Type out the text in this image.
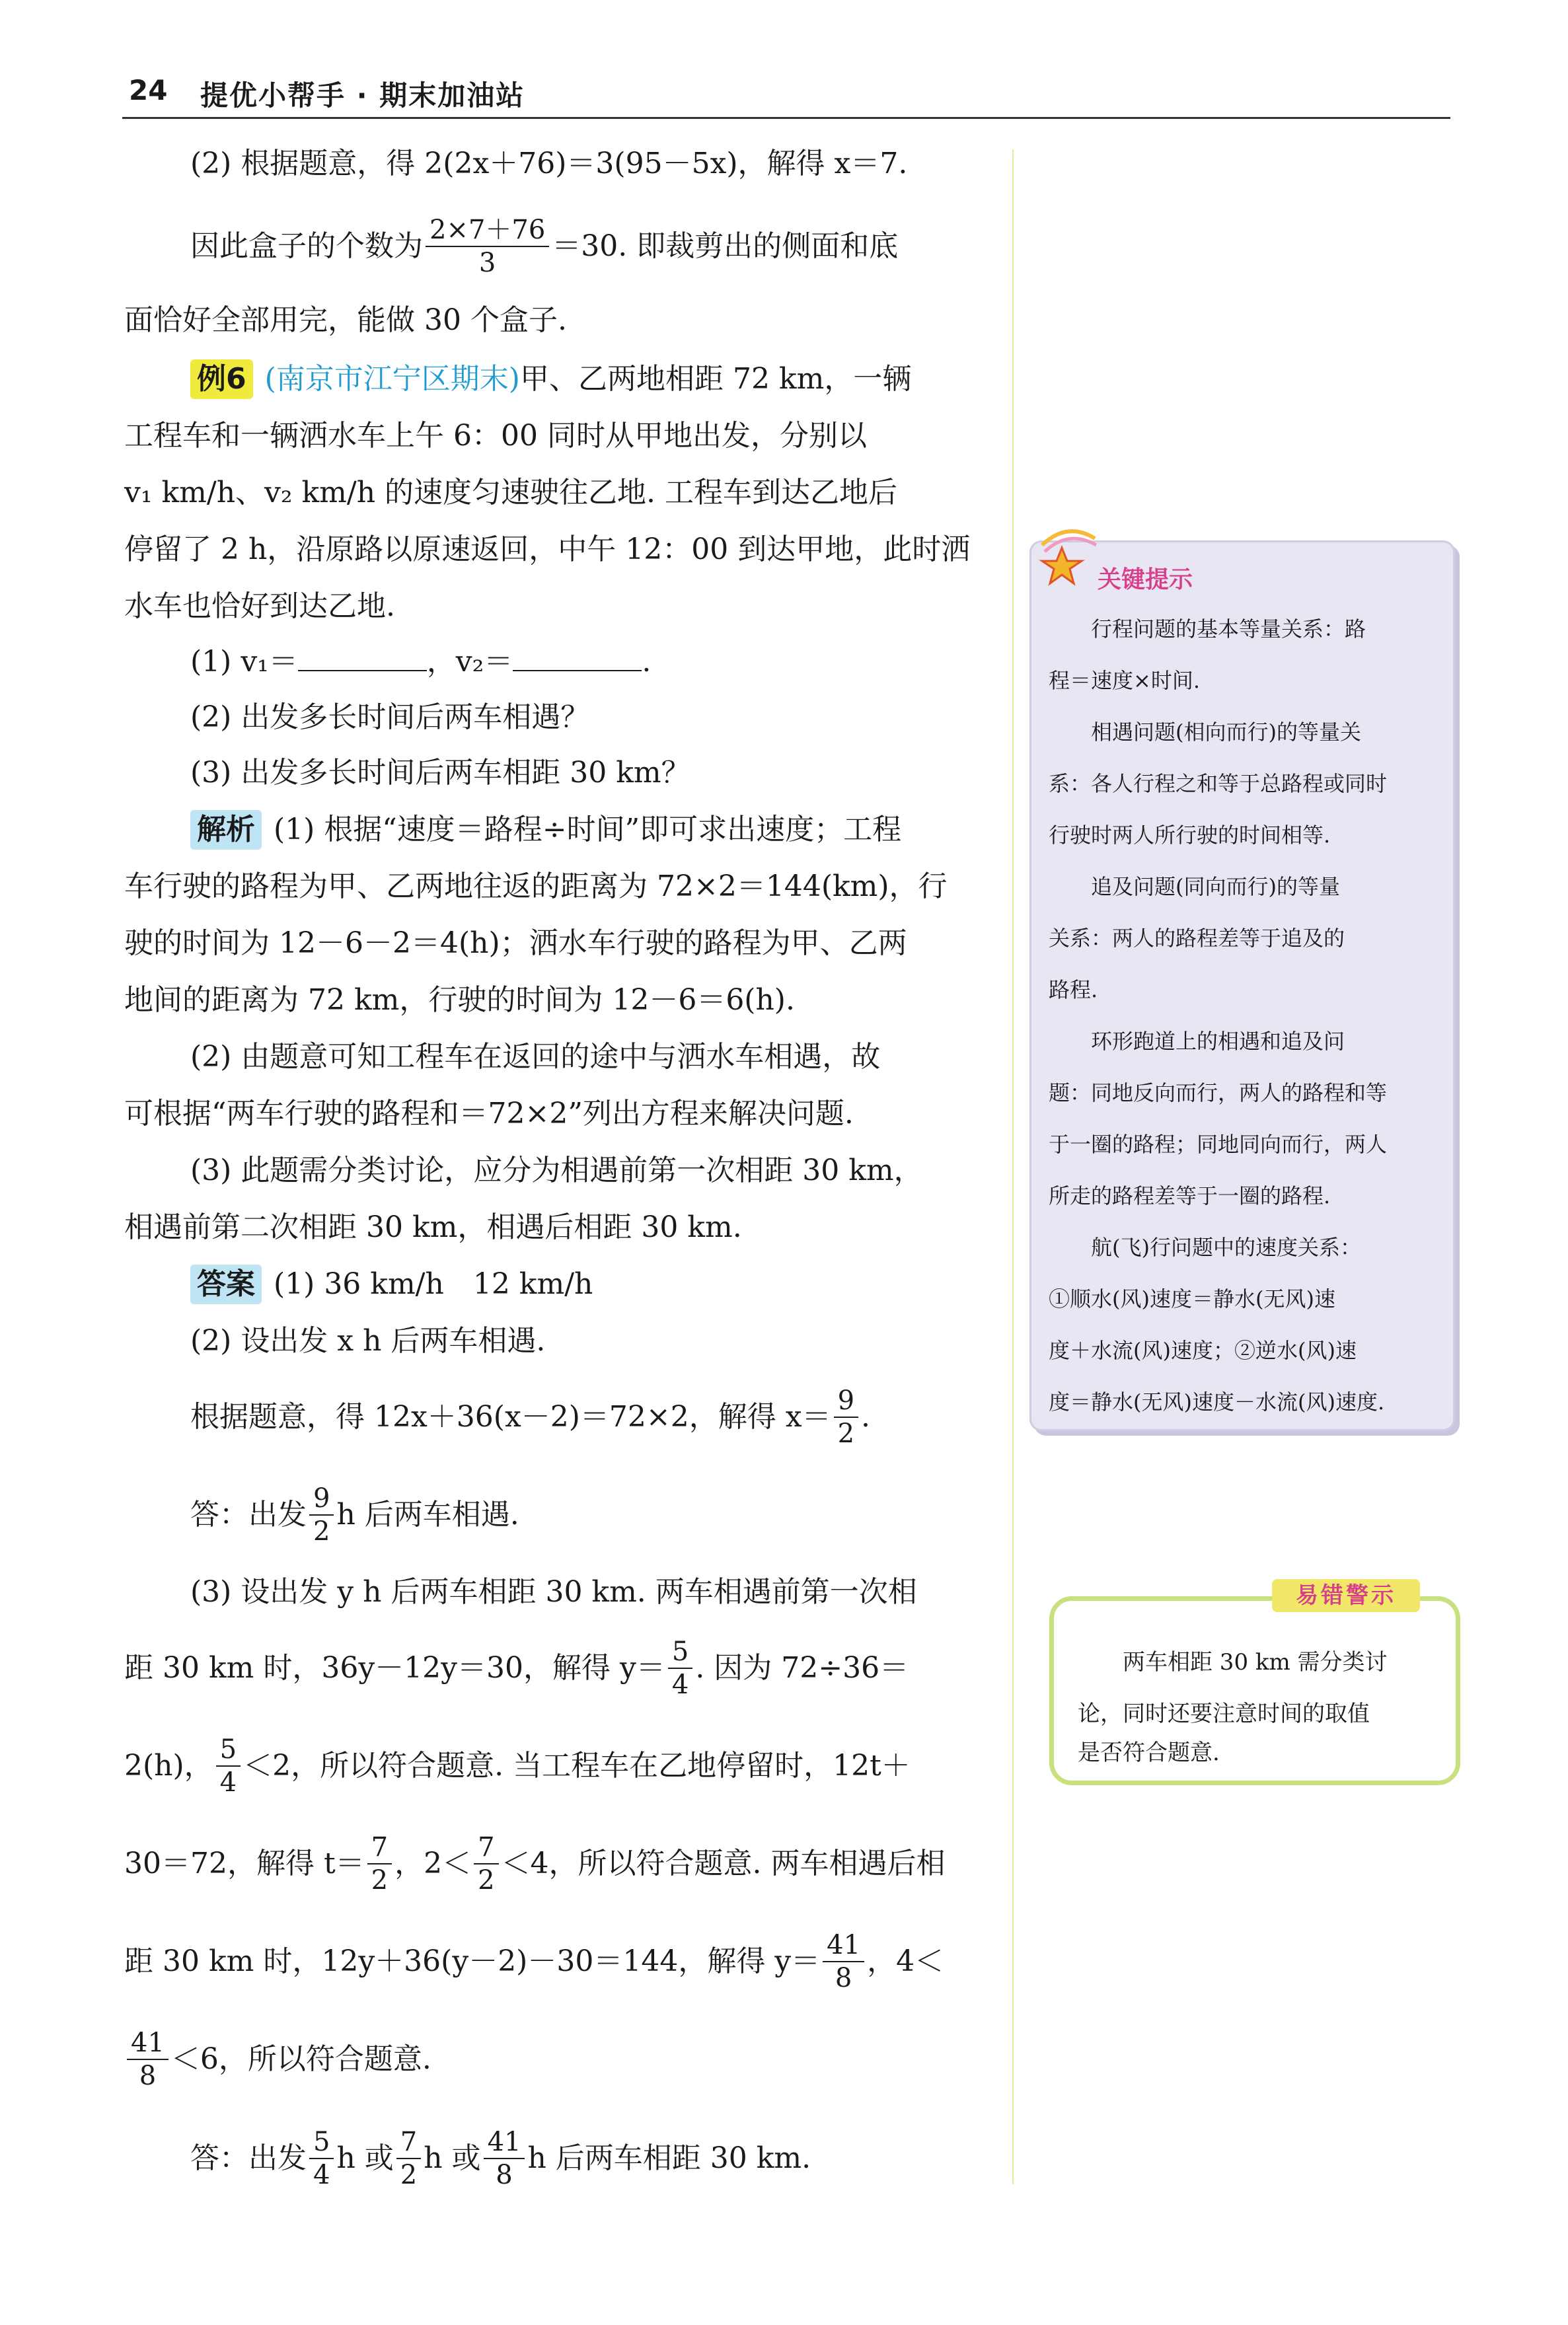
24 提优小帮手 · 期末加油站
(2) 根据题意，得 2(2x＋76)＝3(95－5x)，解得 x＝7.
因此盒子的个数为 $\frac{2\times 7+76}{3} =30$. 即裁剪出的侧面和底
面恰好全部用完，能做 30 个盒子.
例6 (南京市江宁区期末)甲、乙两地相距 72 km，一辆
工程车和一辆洒水车上午 6：00 同时从甲地出发，分别以
v₁ km/h、v₂ km/h 的速度匀速驶往乙地. 工程车到达乙地后
停留了 2 h，沿原路以原速返回，中午 12：00 到达甲地，此时洒
水车也恰好到达乙地.
(1) v₁＝	，v₂＝	.
(2) 出发多长时间后两车相遇？
(3) 出发多长时间后两车相距 30 km？
解析 (1) 根据“速度＝路程÷时间”即可求出速度；工程
车行驶的路程为甲、乙两地往返的距离为 72×2＝144(km)，行
驶的时间为 12－6－2＝4(h)；洒水车行驶的路程为甲、乙两
地间的距离为 72 km，行驶的时间为 12－6＝6(h).
(2) 由题意可知工程车在返回的途中与洒水车相遇，故
可根据“两车行驶的路程和＝72×2”列出方程来解决问题.
(3) 此题需分类讨论，应分为相遇前第一次相距 30 km，
相遇前第二次相距 30 km，相遇后相距 30 km.
答案 (1) 36 km/h　12 km/h
(2) 设出发 x h 后两车相遇.
根据题意，得 12x＋36(x－2)＝72×2，解得 $x= \frac{9}{2}$ .
答：出发 $\frac{9}{2}$ h 后两车相遇.
(3) 设出发 y h 后两车相距 30 km. 两车相遇前第一次相
距 30 km 时，36y－12y＝30，解得 $y= \frac{5}{4}$ . 因为 72÷36＝
2(h)， $\frac{5}{4} <2$，所以符合题意. 当工程车在乙地停留时，12t＋
30＝72，解得 $t= \frac{7}{2}$ ，$2< \frac{7}{2} <4$，所以符合题意. 两车相遇后相
距 30 km 时，12y＋36(y－2)－30＝144，解得 $y= \frac{41}{8}$ ，4＜
$\frac{41}{8} <6$，所以符合题意.
答：出发 $\frac{5}{4}$ h 或 $\frac{7}{2}$ h 或 $\frac{41}{8}$ h 后两车相距 30 km.
关键提示
　　行程问题的基本等量关系：路
程＝速度×时间.
　　相遇问题(相向而行)的等量关
系：各人行程之和等于总路程或同时
行驶时两人所行驶的时间相等.
　　追及问题(同向而行)的等量
关系：两人的路程差等于追及的
路程.
　　环形跑道上的相遇和追及问
题：同地反向而行，两人的路程和等
于一圈的路程；同地同向而行，两人
所走的路程差等于一圈的路程.
　　航(飞)行问题中的速度关系：
①顺水(风)速度＝静水(无风)速
度＋水流(风)速度；②逆水(风)速
度＝静水(无风)速度－水流(风)速度.
　　两车相距 30 km 需分类讨
论，同时还要注意时间的取值
是否符合题意.
易错警示
